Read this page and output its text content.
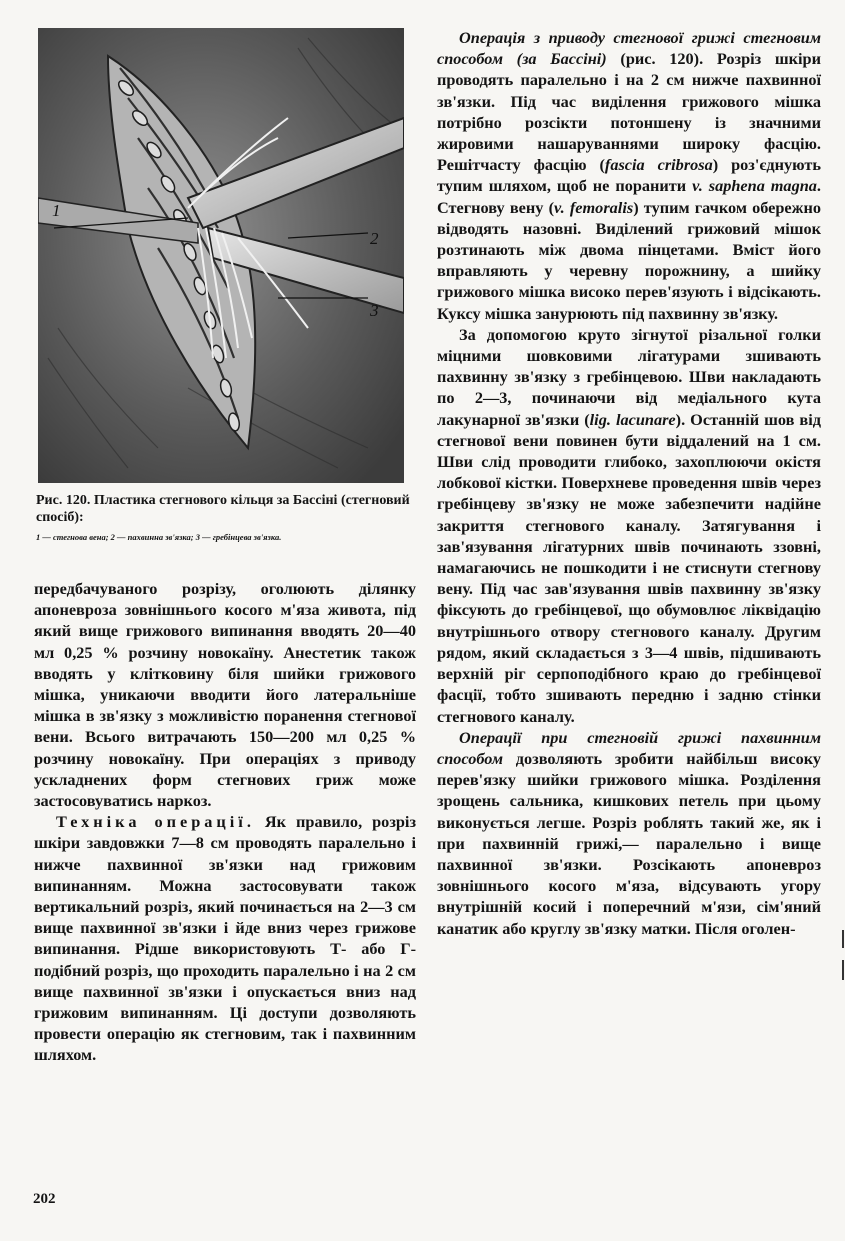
1
2
3
Рис. 120. Пластика стегнового кільця за Бассіні (стегновий спосіб):
1 — стегнова вена; 2 — пахвинна зв'язка; 3 — гребінцева зв'язка.

передбачуваного розрізу, оголюють ділянку апоневроза зовнішнього косого м'яза живота, під який вище грижового випинання вводять 20—40 мл 0,25 % розчину новокаїну. Анестетик також вводять у клітковину біля шийки грижового мішка, уникаючи вводити його латеральніше мішка в зв'язку з можливістю поранення стегнової вени. Всього витрачають 150—200 мл 0,25 % розчину новокаїну. При операціях з приводу ускладнених форм стегнових гриж може застосовуватись наркоз.

Техніка операції. Як правило, розріз шкіри завдовжки 7—8 см проводять паралельно і нижче пахвинної зв'язки над грижовим випинанням. Можна застосовувати також вертикальний розріз, який починається на 2—3 см вище пахвинної зв'язки і йде вниз через грижове випинання. Рідше використовують Т- або Г-подібний розріз, що проходить паралельно і на 2 см вище пахвинної зв'язки і опускається вниз над грижовим випинанням. Ці доступи дозволяють провести операцію як стегновим, так і пахвинним шляхом.

Операція з приводу стегнової грижі стегновим способом (за Бассіні) (рис. 120). Розріз шкіри проводять паралельно і на 2 см нижче пахвинної зв'язки. Під час виділення грижового мішка потрібно розсікти потоншену із значними жировими нашаруваннями широку фасцію. Решітчасту фасцію (fascia cribrosa) роз'єднують тупим шляхом, щоб не поранити v. saphena magna. Стегнову вену (v. femoralis) тупим гачком обережно відводять назовні. Виділений грижовий мішок розтинають між двома пінцетами. Вміст його вправляють у черевну порожнину, а шийку грижового мішка високо перев'язують і відсікають. Куксу мішка занурюють під пахвинну зв'язку.

За допомогою круто зігнутої різальної голки міцними шовковими лігатурами зшивають пахвинну зв'язку з гребінцевою. Шви накладають по 2—3, починаючи від медіального кута лакунарної зв'язки (lig. lacunare). Останній шов від стегнової вени повинен бути віддалений на 1 см. Шви слід проводити глибоко, захоплюючи окістя лобкової кістки. Поверхневе проведення швів через гребінцеву зв'язку не може забезпечити надійне закриття стегнового каналу. Затягування і зав'язування лігатурних швів починають ззовні, намагаючись не пошкодити і не стиснути стегнову вену. Під час зав'язування швів пахвинну зв'язку фіксують до гребінцевої, що обумовлює ліквідацію внутрішнього отвору стегнового каналу. Другим рядом, який складається з 3—4 швів, підшивають верхній ріг серпоподібного краю до гребінцевої фасції, тобто зшивають передню і задню стінки стегнового каналу.

Операції при стегновій грижі пахвинним способом дозволяють зробити найбільш високу перев'язку шийки грижового мішка. Розділення зрощень сальника, кишкових петель при цьому виконується легше. Розріз роблять такий же, як і при пахвинній грижі,— паралельно і вище пахвинної зв'язки. Розсікають апоневроз зовнішнього косого м'яза, відсувають угору внутрішній косий і поперечний м'язи, сім'яний канатик або круглу зв'язку матки. Після оголен-

202
